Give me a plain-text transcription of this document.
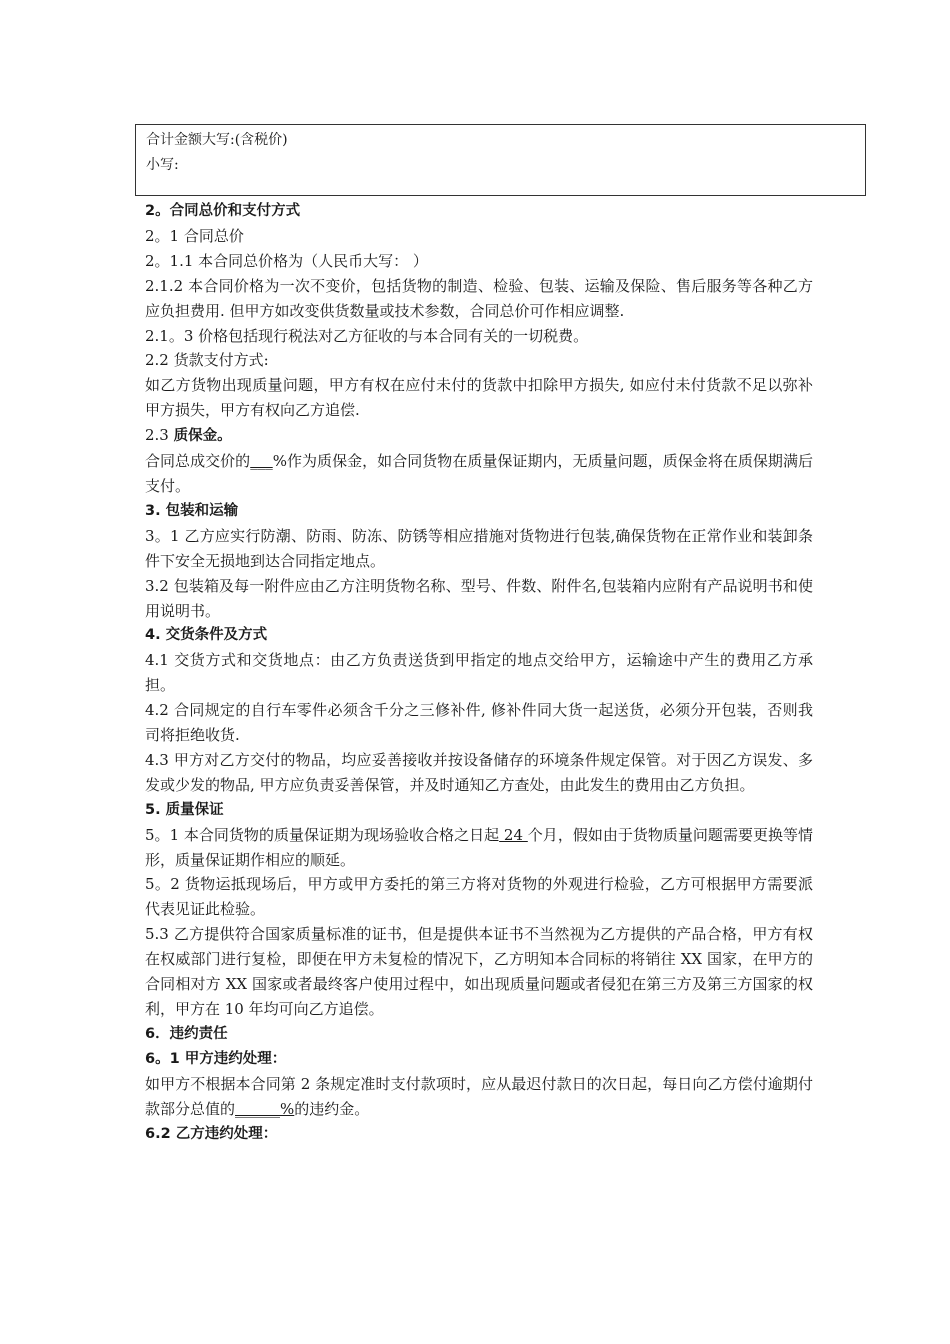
合计金额大写:(含税价)
小写:

2。合同总价和支付方式

2。1 合同总价

2。1.1 本合同总价格为（人民币大写： ）

2.1.2 本合同价格为一次不变价，包括货物的制造、检验、包装、运输及保险、售后服务等各种乙方应负担费用. 但甲方如改变供货数量或技术参数，合同总价可作相应调整.

2.1。3 价格包括现行税法对乙方征收的与本合同有关的一切税费。

2.2 货款支付方式:

如乙方货物出现质量问题，甲方有权在应付未付的货款中扣除甲方损失, 如应付未付货款不足以弥补甲方损失，甲方有权向乙方追偿.

2.3 质保金。

合同总成交价的___%作为质保金，如合同货物在质量保证期内，无质量问题，质保金将在质保期满后支付。

3. 包装和运输

3。1 乙方应实行防潮、防雨、防冻、防锈等相应措施对货物进行包装,确保货物在正常作业和装卸条件下安全无损地到达合同指定地点。

3.2 包装箱及每一附件应由乙方注明货物名称、型号、件数、附件名,包装箱内应附有产品说明书和使用说明书。

4. 交货条件及方式

4.1 交货方式和交货地点：由乙方负责送货到甲指定的地点交给甲方，运输途中产生的费用乙方承担。

4.2 合同规定的自行车零件必须含千分之三修补件, 修补件同大货一起送货，必须分开包装，否则我司将拒绝收货.

4.3 甲方对乙方交付的物品，均应妥善接收并按设备储存的环境条件规定保管。对于因乙方误发、多发或少发的物品, 甲方应负责妥善保管，并及时通知乙方查处，由此发生的费用由乙方负担。

5. 质量保证

5。1 本合同货物的质量保证期为现场验收合格之日起 24 个月，假如由于货物质量问题需要更换等情形，质量保证期作相应的顺延。

5。2 货物运抵现场后，甲方或甲方委托的第三方将对货物的外观进行检验，乙方可根据甲方需要派代表见证此检验。

5.3 乙方提供符合国家质量标准的证书，但是提供本证书不当然视为乙方提供的产品合格，甲方有权在权威部门进行复检，即便在甲方未复检的情况下，乙方明知本合同标的将销往 XX 国家，在甲方的合同相对方 XX 国家或者最终客户使用过程中，如出现质量问题或者侵犯在第三方及第三方国家的权利，甲方在 10 年均可向乙方追偿。

6．违约责任

6。1 甲方违约处理：

如甲方不根据本合同第 2 条规定准时支付款项时，应从最迟付款日的次日起，每日向乙方偿付逾期付款部分总值的______%的违约金。

6.2 乙方违约处理：
